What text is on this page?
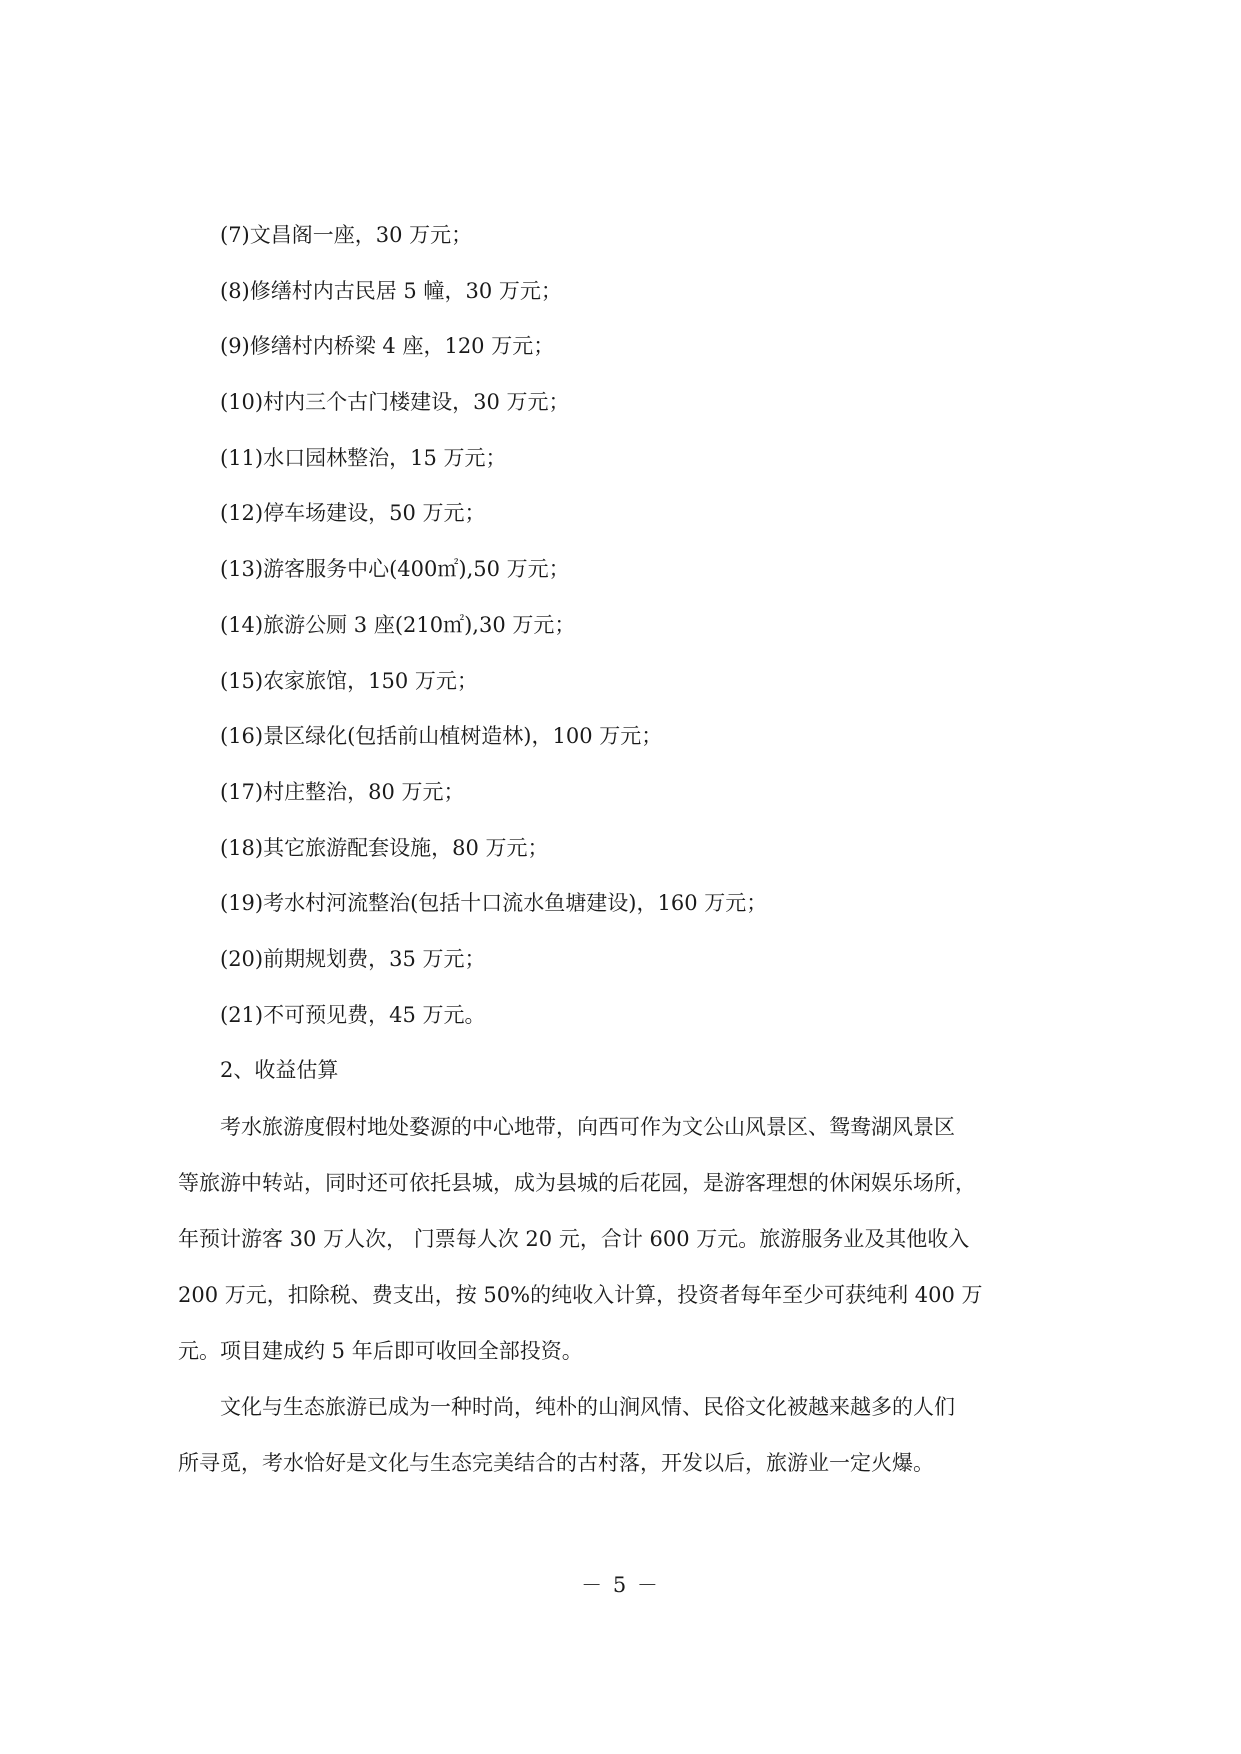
(7)文昌阁一座，30 万元；
(8)修缮村内古民居 5 幢，30 万元；
(9)修缮村内桥梁 4 座，120 万元；
(10)村内三个古门楼建设，30 万元；
(11)水口园林整治，15 万元；
(12)停车场建设，50 万元；
(13)游客服务中心(400㎡),50 万元；
(14)旅游公厕 3 座(210㎡),30 万元；
(15)农家旅馆，150 万元；
(16)景区绿化(包括前山植树造林)，100 万元；
(17)村庄整治，80 万元；
(18)其它旅游配套设施，80 万元；
(19)考水村河流整治(包括十口流水鱼塘建设)，160 万元；
(20)前期规划费，35 万元；
(21)不可预见费，45 万元。
2、收益估算
考水旅游度假村地处婺源的中心地带，向西可作为文公山风景区、鸳鸯湖风景区
等旅游中转站，同时还可依托县城，成为县城的后花园，是游客理想的休闲娱乐场所，
年预计游客 30 万人次， 门票每人次 20 元，合计 600 万元。旅游服务业及其他收入
200 万元，扣除税、费支出，按 50%的纯收入计算，投资者每年至少可获纯利 400 万
元。项目建成约 5 年后即可收回全部投资。
文化与生态旅游已成为一种时尚，纯朴的山涧风情、民俗文化被越来越多的人们
所寻觅，考水恰好是文化与生态完美结合的古村落，开发以后，旅游业一定火爆。
－ 5 －
